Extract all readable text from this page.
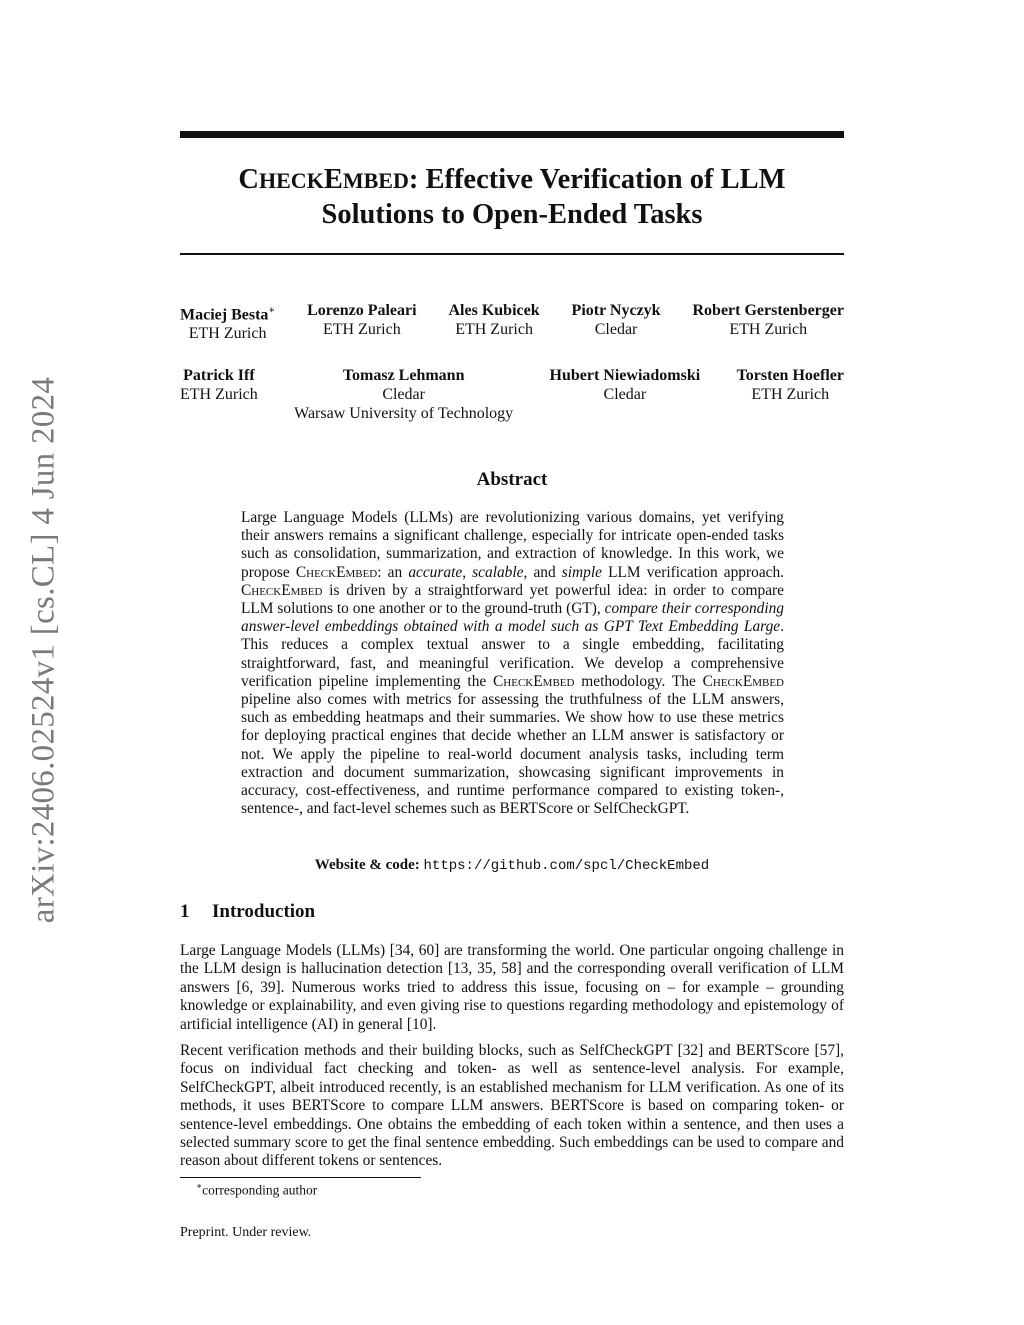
arXiv:2406.02524v1 [cs.CL] 4 Jun 2024
CHECKEMBED: Effective Verification of LLM
Solutions to Open-Ended Tasks
Maciej Besta∗
ETH Zurich
Lorenzo Paleari
ETH Zurich
Ales Kubicek
ETH Zurich
Piotr Nyczyk
Cledar
Robert Gerstenberger
ETH Zurich
Patrick Iff
ETH Zurich
Tomasz Lehmann
Cledar
Warsaw University of Technology
Hubert Niewiadomski
Cledar
Torsten Hoefler
ETH Zurich
Abstract

Large Language Models (LLMs) are revolutionizing various domains, yet verifying their answers remains a significant challenge, especially for intricate open-ended tasks such as consolidation, summarization, and extraction of knowledge. In this work, we propose CheckEmbed: an accurate, scalable, and simple LLM verification approach. CheckEmbed is driven by a straightforward yet powerful idea: in order to compare LLM solutions to one another or to the ground-truth (GT), compare their corresponding answer-level embeddings obtained with a model such as GPT Text Embedding Large. This reduces a complex textual answer to a single embedding, facilitating straightforward, fast, and meaningful verification. We develop a comprehensive verification pipeline implementing the CheckEmbed methodology. The CheckEmbed pipeline also comes with metrics for assessing the truthfulness of the LLM answers, such as embedding heatmaps and their summaries. We show how to use these metrics for deploying practical engines that decide whether an LLM answer is satisfactory or not. We apply the pipeline to real-world document analysis tasks, including term extraction and document summarization, showcasing significant improvements in accuracy, cost-effectiveness, and runtime performance compared to existing token-, sentence-, and fact-level schemes such as BERTScore or SelfCheckGPT.

Website & code: https://github.com/spcl/CheckEmbed
1 Introduction

Large Language Models (LLMs) [34, 60] are transforming the world. One particular ongoing challenge in the LLM design is hallucination detection [13, 35, 58] and the corresponding overall verification of LLM answers [6, 39]. Numerous works tried to address this issue, focusing on – for example – grounding knowledge or explainability, and even giving rise to questions regarding methodology and epistemology of artificial intelligence (AI) in general [10].

Recent verification methods and their building blocks, such as SelfCheckGPT [32] and BERTScore [57], focus on individual fact checking and token- as well as sentence-level analysis. For example, SelfCheckGPT, albeit introduced recently, is an established mechanism for LLM verification. As one of its methods, it uses BERTScore to compare LLM answers. BERTScore is based on comparing token- or sentence-level embeddings. One obtains the embedding of each token within a sentence, and then uses a selected summary score to get the final sentence embedding. Such embeddings can be used to compare and reason about different tokens or sentences.

∗corresponding author
Preprint. Under review.
